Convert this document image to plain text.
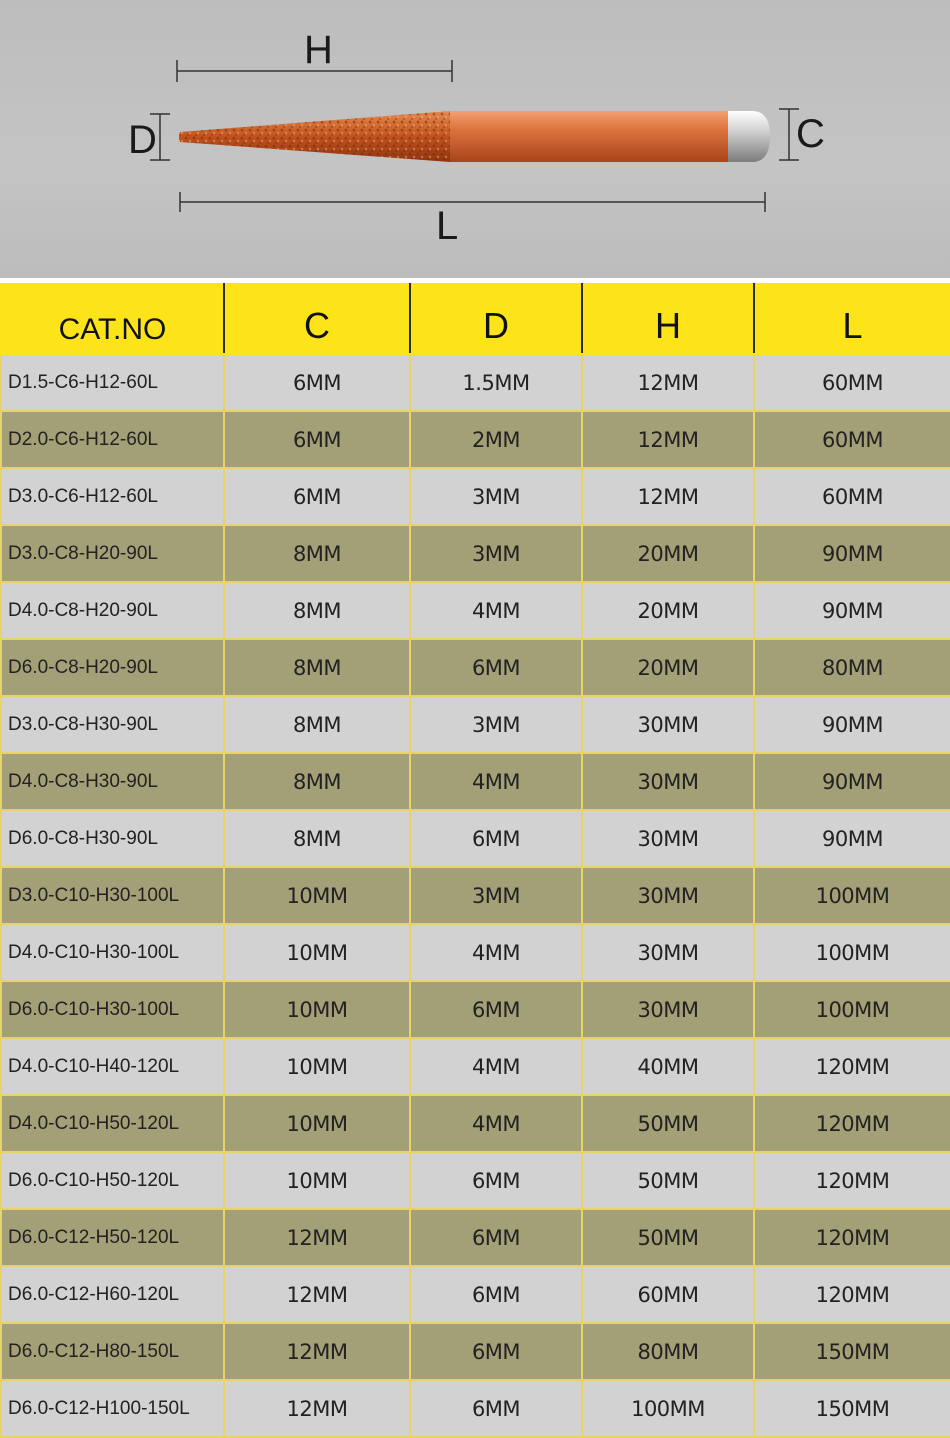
H
D	C
L
CAT.NO	C	D	H	L
D1.5-C6-H12-60L	6MM	1.5MM	12MM	60MM
D2.0-C6-H12-60L	6MM	2MM	12MM	60MM
D3.0-C6-H12-60L	6MM	3MM	12MM	60MM
D3.0-C8-H20-90L	8MM	3MM	20MM	90MM
D4.0-C8-H20-90L	8MM	4MM	20MM	90MM
D6.0-C8-H20-90L	8MM	6MM	20MM	80MM
D3.0-C8-H30-90L	8MM	3MM	30MM	90MM
D4.0-C8-H30-90L	8MM	4MM	30MM	90MM
D6.0-C8-H30-90L	8MM	6MM	30MM	90MM
D3.0-C10-H30-100L	10MM	3MM	30MM	100MM
D4.0-C10-H30-100L	10MM	4MM	30MM	100MM
D6.0-C10-H30-100L	10MM	6MM	30MM	100MM
D4.0-C10-H40-120L	10MM	4MM	40MM	120MM
D4.0-C10-H50-120L	10MM	4MM	50MM	120MM
D6.0-C10-H50-120L	10MM	6MM	50MM	120MM
D6.0-C12-H50-120L	12MM	6MM	50MM	120MM
D6.0-C12-H60-120L	12MM	6MM	60MM	120MM
D6.0-C12-H80-150L	12MM	6MM	80MM	150MM
D6.0-C12-H100-150L	12MM	6MM	100MM	150MM
